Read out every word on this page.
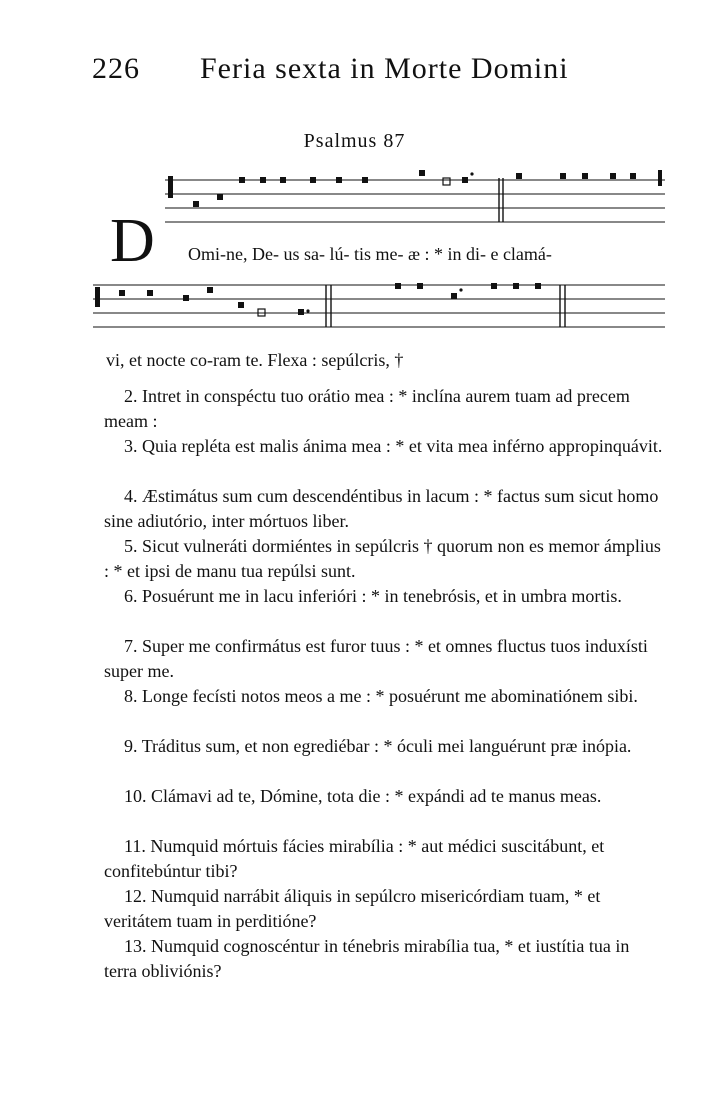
226 Feria sexta in Morte Domini
Psalmus 87
D Omi-ne, De- us sa- lú- tis me- æ : * in di- e clamá-
vi, et nocte co-ram te. Flexa : sepúlcris, †
2. Intret in conspéctu tuo orátio mea : * inclína aurem tuam ad precem meam :
3. Quia repléta est malis ánima mea : * et vita mea inférno appropinquávit.
4. Æstimátus sum cum descendéntibus in lacum : * factus sum sicut homo sine adiutório, inter mórtuos liber.
5. Sicut vulneráti dormiéntes in sepúlcris † quorum non es memor ámplius : * et ipsi de manu tua repúlsi sunt.
6. Posuérunt me in lacu inferióri : * in tenebrósis, et in umbra mortis.
7. Super me confirmátus est furor tuus : * et omnes fluctus tuos induxísti super me.
8. Longe fecísti notos meos a me : * posuérunt me abominatiónem sibi.
9. Tráditus sum, et non egrediébar : * óculi mei languérunt præ inópia.
10. Clámavi ad te, Dómine, tota die : * expándi ad te manus meas.
11. Numquid mórtuis fácies mirabília : * aut médici suscitábunt, et confitebúntur tibi?
12. Numquid narrábit áliquis in sepúlcro misericórdiam tuam, * et veritátem tuam in perditióne?
13. Numquid cognoscéntur in ténebris mirabília tua, * et iustítia tua in terra obliviónis?
